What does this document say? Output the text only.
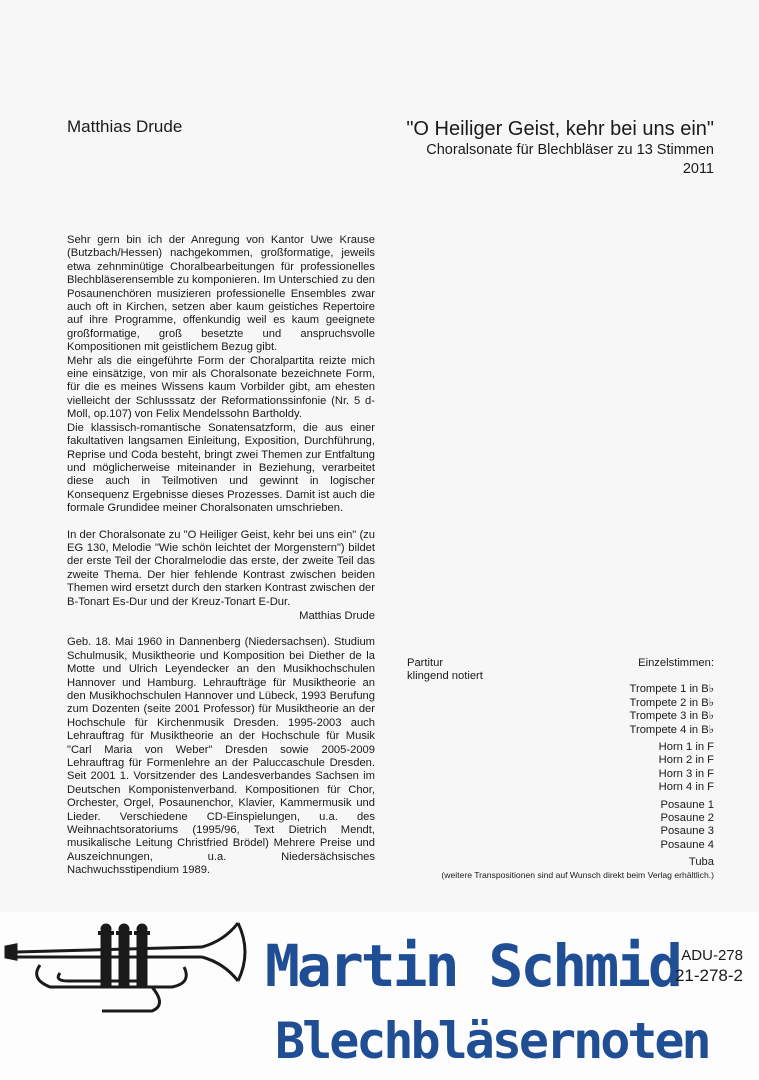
Matthias Drude	"O Heiliger Geist, kehr bei uns ein"
Choralsonate für Blechbläser zu 13 Stimmen
2011

Sehr gern bin ich der Anregung von Kantor Uwe Krause (Butzbach/Hessen) nachgekommen, großformatige, jeweils etwa zehnminütige Choralbearbeitungen für professionelles Blechbläserensemble zu komponieren. Im Unterschied zu den Posaunenchören musizieren professionelle Ensembles zwar auch oft in Kirchen, setzen aber kaum geistiches Repertoire auf ihre Programme, offenkundig weil es kaum geeignete großformatige, groß besetzte und anspruchsvolle Kompositionen mit geistlichem Bezug gibt.

Mehr als die eingeführte Form der Choralpartita reizte mich eine einsätzige, von mir als Choralsonate bezeichnete Form, für die es meines Wissens kaum Vorbilder gibt, am ehesten vielleicht der Schlusssatz der Reformationssinfonie (Nr. 5 d-Moll, op.107) von Felix Mendelssohn Bartholdy.

Die klassisch-romantische Sonatensatzform, die aus einer fakultativen langsamen Einleitung, Exposition, Durchführung, Reprise und Coda besteht, bringt zwei Themen zur Entfaltung und möglicherweise miteinander in Beziehung, verarbeitet diese auch in Teilmotiven und gewinnt in logischer Konsequenz Ergebnisse dieses Prozesses. Damit ist auch die formale Grundidee meiner Choralsonaten umschrieben.

In der Choralsonate zu "O Heiliger Geist, kehr bei uns ein" (zu EG 130, Melodie "Wie schön leichtet der Morgenstern") bildet der erste Teil der Choralmelodie das erste, der zweite Teil das zweite Thema. Der hier fehlende Kontrast zwischen beiden Themen wird ersetzt durch den starken Kontrast zwischen der B-Tonart Es-Dur und der Kreuz-Tonart E-Dur.

Matthias Drude

Geb. 18. Mai 1960 in Dannenberg (Niedersachsen). Studium Schulmusik, Musiktheorie und Komposition bei Diether de la Motte und Ulrich Leyendecker an den Musikhochschulen Hannover und Hamburg. Lehraufträge für Musiktheorie an den Musikhochschulen Hannover und Lübeck, 1993 Berufung zum Dozenten (seite 2001 Professor) für Musiktheorie an der Hochschule für Kirchenmusik Dresden. 1995-2003 auch Lehrauftrag für Musiktheorie an der Hochschule für Musik "Carl Maria von Weber" Dresden sowie 2005-2009 Lehrauftrag für Formenlehre an der Paluccaschule Dresden. Seit 2001 1. Vorsitzender des Landesverbandes Sachsen im Deutschen Komponistenverband. Kompositionen für Chor, Orchester, Orgel, Posaunenchor, Klavier, Kammermusik und Lieder. Verschiedene CD-Einspielungen, u.a. des Weihnachtsoratoriums (1995/96, Text Dietrich Mendt, musikalische Leitung Christfried Brödel) Mehrere Preise und Auszeichnungen, u.a. Niedersächsisches Nachwuchsstipendium 1989.

Partitur
klingend notiert
Einzelstimmen:
Trompete 1 in B♭
Trompete 2 in B♭
Trompete 3 in B♭
Trompete 4 in B♭
Horn 1 in F
Horn 2 in F
Horn 3 in F
Horn 4 in F
Posaune 1
Posaune 2
Posaune 3
Posaune 4
Tuba
(weitere Transpositionen sind auf Wunsch direkt beim Verlag erhältlich.)
Martin Schmid
Blechbläsernoten
ADU-278
21-278-2
